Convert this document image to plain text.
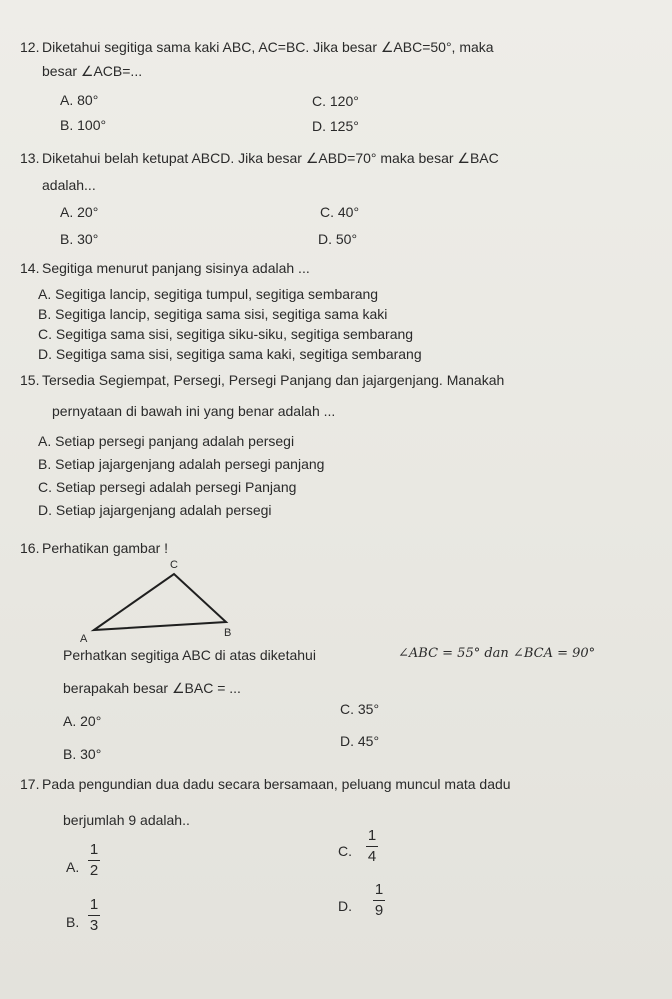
12. Diketahui segitiga sama kaki ABC, AC=BC. Jika besar ∠ABC=50°, maka
besar ∠ACB=...
A. 80°	C. 120°
B. 100°	D. 125°
13. Diketahui belah ketupat ABCD. Jika besar ∠ABD=70° maka besar ∠BAC
adalah...
A. 20°	C. 40°
B. 30°	D. 50°
14. Segitiga menurut panjang sisinya adalah ...
A. Segitiga lancip, segitiga tumpul, segitiga sembarang
B. Segitiga lancip, segitiga sama sisi, segitiga sama kaki
C. Segitiga sama sisi, segitiga siku-siku, segitiga sembarang
D. Segitiga sama sisi, segitiga sama kaki, segitiga sembarang
15. Tersedia Segiempat, Persegi, Persegi Panjang dan jajargenjang. Manakah
pernyataan di bawah ini yang benar adalah ...
A. Setiap persegi panjang adalah persegi
B. Setiap jajargenjang adalah persegi panjang
C. Setiap persegi adalah persegi Panjang
D. Setiap jajargenjang adalah persegi
16. Perhatikan gambar !
C
A	B
Perhatkan segitiga ABC di atas diketahui	∠ABC = 55° dan ∠BCA = 90°
berapakah besar ∠BAC = ...
C. 35°
A. 20°
D. 45°
B. 30°
17. Pada pengundian dua dadu secara bersamaan, peluang muncul mata dadu
berjumlah 9 adalah..
C.
1
4
A.
1
2
D.
1
9
B.
1
3
